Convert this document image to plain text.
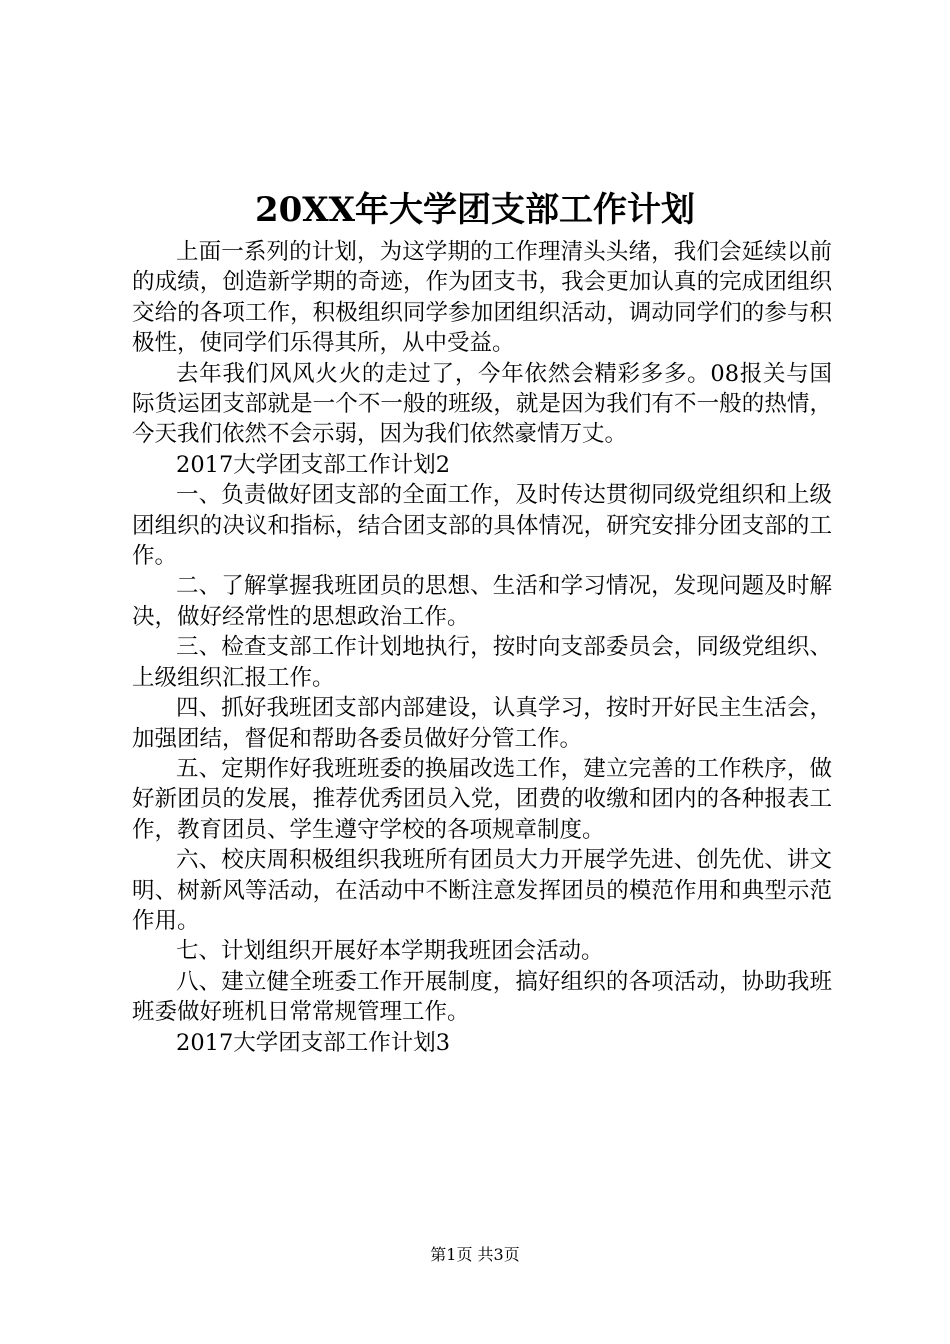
20XX年大学团支部工作计划

上面一系列的计划，为这学期的工作理清头头绪，我们会延续以前的成绩，创造新学期的奇迹，作为团支书，我会更加认真的完成团组织交给的各项工作，积极组织同学参加团组织活动，调动同学们的参与积极性，使同学们乐得其所，从中受益。

去年我们风风火火的走过了，今年依然会精彩多多。08报关与国际货运团支部就是一个不一般的班级，就是因为我们有不一般的热情，今天我们依然不会示弱，因为我们依然豪情万丈。

2017大学团支部工作计划2

一、负责做好团支部的全面工作，及时传达贯彻同级党组织和上级团组织的决议和指标，结合团支部的具体情况，研究安排分团支部的工作。

二、了解掌握我班团员的思想、生活和学习情况，发现问题及时解决，做好经常性的思想政治工作。

三、检查支部工作计划地执行，按时向支部委员会，同级党组织、上级组织汇报工作。

四、抓好我班团支部内部建设，认真学习，按时开好民主生活会，加强团结，督促和帮助各委员做好分管工作。

五、定期作好我班班委的换届改选工作，建立完善的工作秩序，做好新团员的发展，推荐优秀团员入党，团费的收缴和团内的各种报表工作，教育团员、学生遵守学校的各项规章制度。

六、校庆周积极组织我班所有团员大力开展学先进、创先优、讲文明、树新风等活动，在活动中不断注意发挥团员的模范作用和典型示范作用。

七、计划组织开展好本学期我班团会活动。

八、建立健全班委工作开展制度，搞好组织的各项活动，协助我班班委做好班机日常常规管理工作。

2017大学团支部工作计划3

第1页 共3页
